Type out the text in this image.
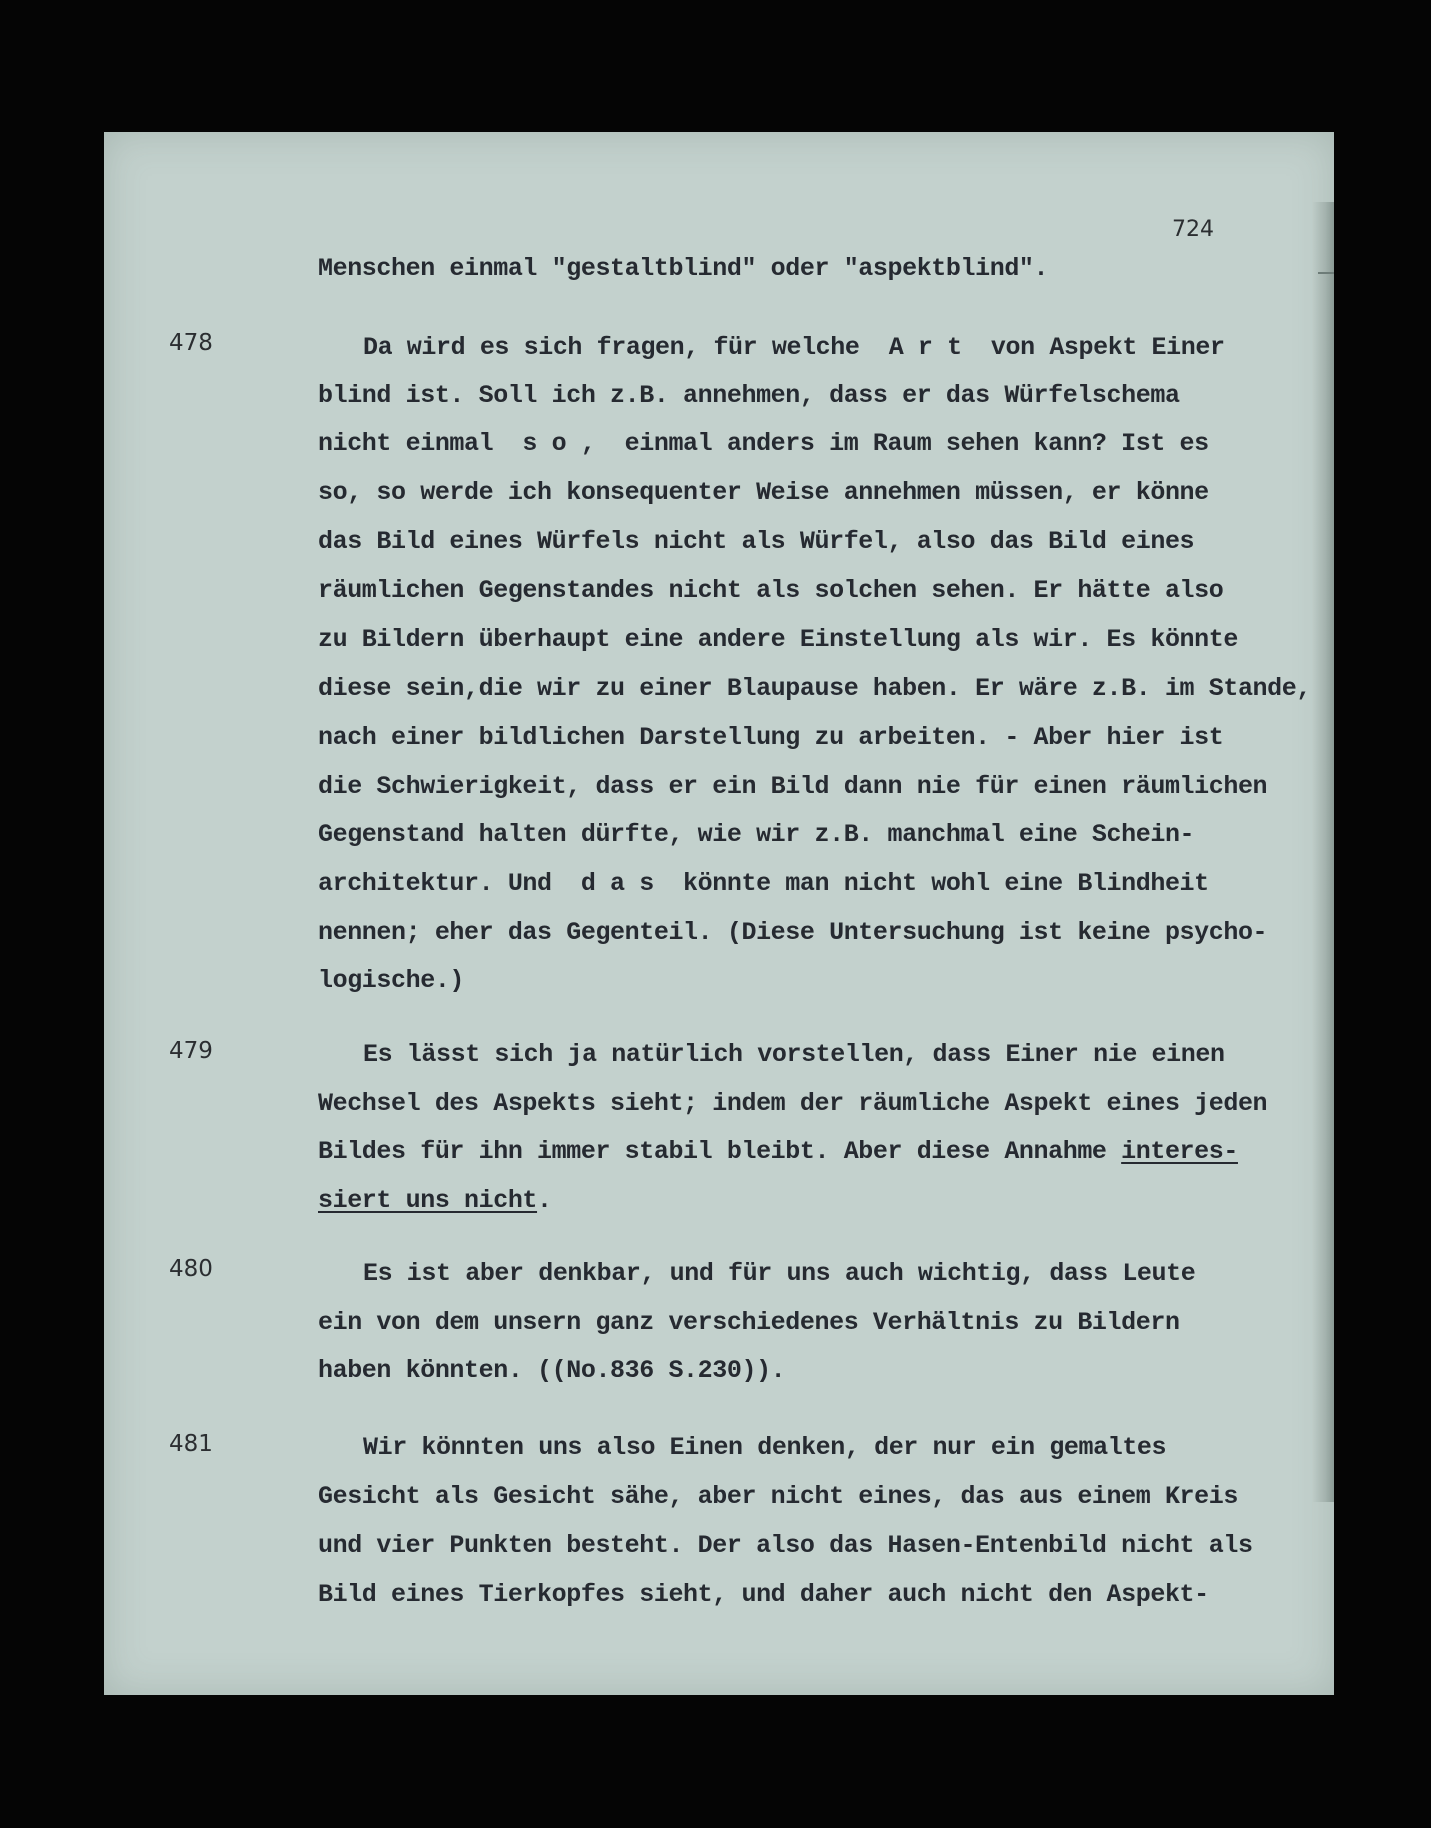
724
Menschen einmal "gestaltblind" oder "aspektblind".
478	Da wird es sich fragen, für welche  A r t  von Aspekt Einer
blind ist. Soll ich z.B. annehmen, dass er das Würfelschema
nicht einmal  s o ,  einmal anders im Raum sehen kann? Ist es
so, so werde ich konsequenter Weise annehmen müssen, er könne
das Bild eines Würfels nicht als Würfel, also das Bild eines
räumlichen Gegenstandes nicht als solchen sehen. Er hätte also
zu Bildern überhaupt eine andere Einstellung als wir. Es könnte
diese sein,die wir zu einer Blaupause haben. Er wäre z.B. im Stande,
nach einer bildlichen Darstellung zu arbeiten. - Aber hier ist
die Schwierigkeit, dass er ein Bild dann nie für einen räumlichen
Gegenstand halten dürfte, wie wir z.B. manchmal eine Schein-
architektur. Und  d a s  könnte man nicht wohl eine Blindheit
nennen; eher das Gegenteil. (Diese Untersuchung ist keine psycho-
logische.)
479	Es lässt sich ja natürlich vorstellen, dass Einer nie einen
Wechsel des Aspekts sieht; indem der räumliche Aspekt eines jeden
Bildes für ihn immer stabil bleibt. Aber diese Annahme interes-
siert uns nicht.
480	Es ist aber denkbar, und für uns auch wichtig, dass Leute
ein von dem unsern ganz verschiedenes Verhältnis zu Bildern
haben könnten. ((No.836 S.230)).
481	Wir könnten uns also Einen denken, der nur ein gemaltes
Gesicht als Gesicht sähe, aber nicht eines, das aus einem Kreis
und vier Punkten besteht. Der also das Hasen-Entenbild nicht als
Bild eines Tierkopfes sieht, und daher auch nicht den Aspekt-
